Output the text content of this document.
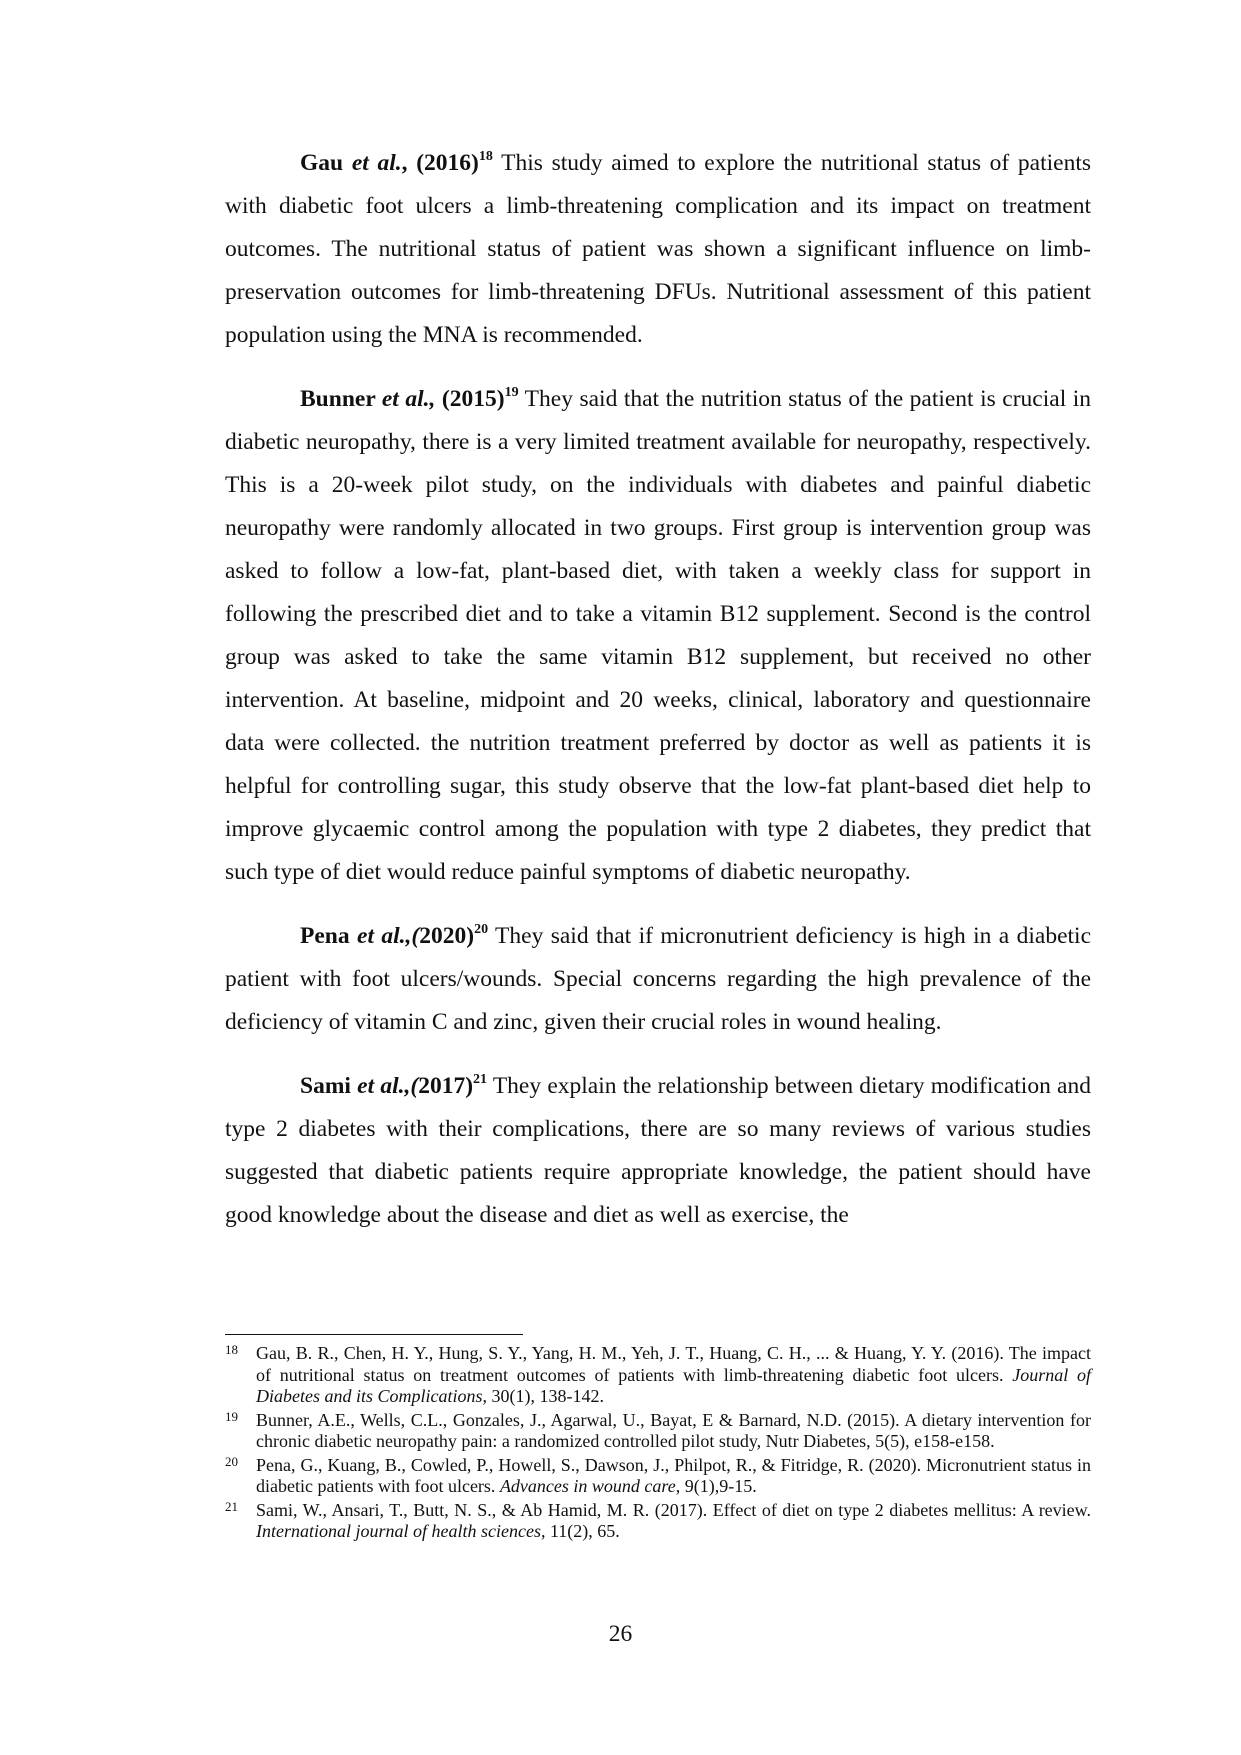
Gau et al., $(2016)^{18}$ This study aimed to explore the nutritional status of patients with diabetic foot ulcers a limb-threatening complication and its impact on treatment outcomes. The nutritional status of patient was shown a significant influence on limb-preservation outcomes for limb-threatening DFUs. Nutritional assessment of this patient population using the MNA is recommended.

Bunner et al., $(2015)^{19}$ They said that the nutrition status of the patient is crucial in diabetic neuropathy, there is a very limited treatment available for neuropathy, respectively. This is a 20-week pilot study, on the individuals with diabetes and painful diabetic neuropathy were randomly allocated in two groups. First group is intervention group was asked to follow a low-fat, plant-based diet, with taken a weekly class for support in following the prescribed diet and to take a vitamin B12 supplement. Second is the control group was asked to take the same vitamin B12 supplement, but received no other intervention. At baseline, midpoint and 20 weeks, clinical, laboratory and questionnaire data were collected. the nutrition treatment preferred by doctor as well as patients it is helpful for controlling sugar, this study observe that the low-fat plant-based diet help to improve glycaemic control among the population with type 2 diabetes, they predict that such type of diet would reduce painful symptoms of diabetic neuropathy.

Pena et $al.,(2020)^{20}$ They said that if micronutrient deficiency is high in a diabetic patient with foot ulcers/wounds. Special concerns regarding the high prevalence of the deficiency of vitamin C and zinc, given their crucial roles in wound healing.

Sami et $al.,(2017)^{21}$ They explain the relationship between dietary modification and type 2 diabetes with their complications, there are so many reviews of various studies suggested that diabetic patients require appropriate knowledge, the patient should have good knowledge about the disease and diet as well as exercise, the

18 Gau, B. R., Chen, H. Y., Hung, S. Y., Yang, H. M., Yeh, J. T., Huang, C. H., ... & Huang, Y. Y. (2016). The impact of nutritional status on treatment outcomes of patients with limb-threatening diabetic foot ulcers. Journal of Diabetes and its Complications, 30(1), 138-142.
19 Bunner, A.E., Wells, C.L., Gonzales, J., Agarwal, U., Bayat, E & Barnard, N.D. (2015). A dietary intervention for chronic diabetic neuropathy pain: a randomized controlled pilot study, Nutr Diabetes, 5(5), e158-e158.
20 Pena, G., Kuang, B., Cowled, P., Howell, S., Dawson, J., Philpot, R., & Fitridge, R. (2020). Micronutrient status in diabetic patients with foot ulcers. Advances in wound care, 9(1),9-15.
21 Sami, W., Ansari, T., Butt, N. S., & Ab Hamid, M. R. (2017). Effect of diet on type 2 diabetes mellitus: A review. International journal of health sciences, 11(2), 65.
26
